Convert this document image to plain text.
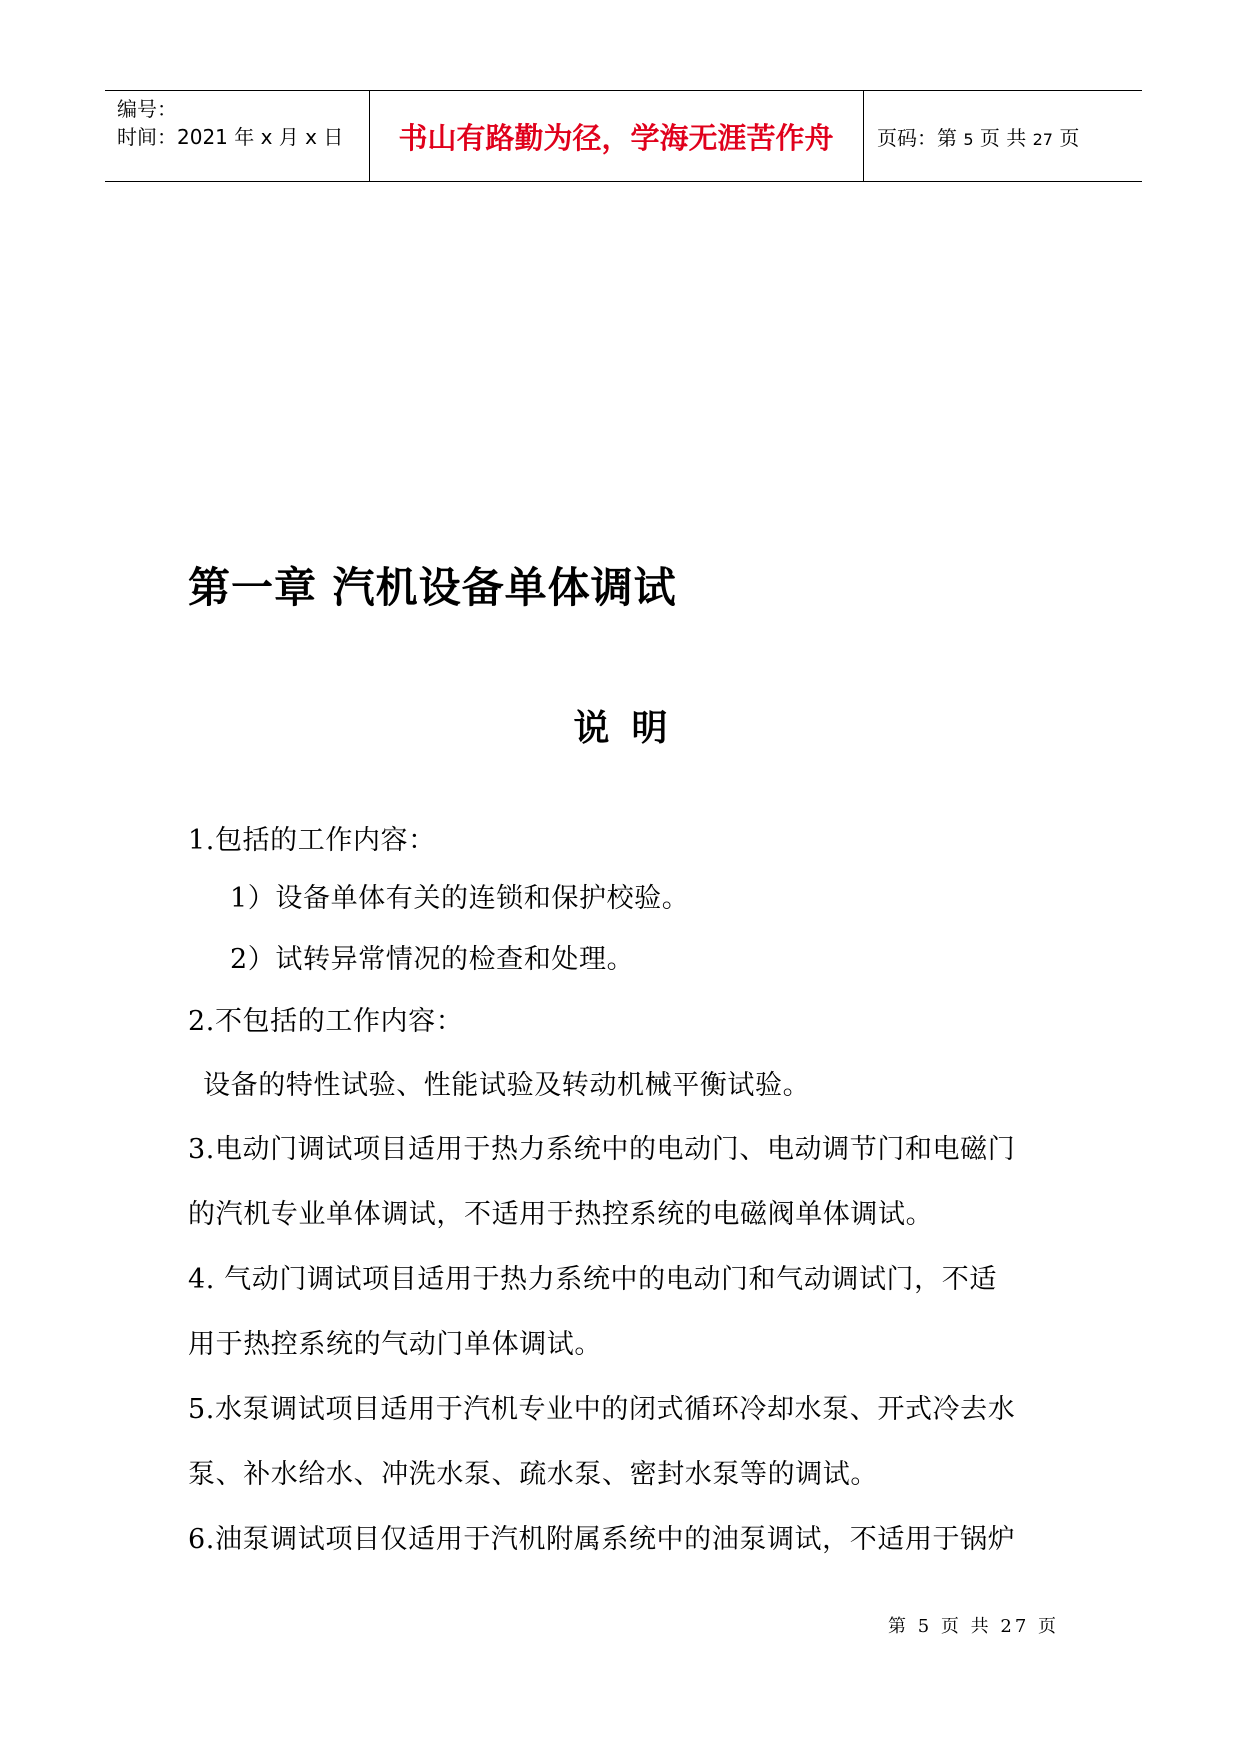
编号：
时间：2021 年 x 月 x 日 书山有路勤为径，学海无涯苦作舟 页码：第 5 页 共 27 页
第一章 汽机设备单体调试
说明
1.包括的工作内容：
1）设备单体有关的连锁和保护校验。
2）试转异常情况的检查和处理。
2.不包括的工作内容：
设备的特性试验、性能试验及转动机械平衡试验。
3.电动门调试项目适用于热力系统中的电动门、电动调节门和电磁门
的汽机专业单体调试，不适用于热控系统的电磁阀单体调试。
4. 气动门调试项目适用于热力系统中的电动门和气动调试门，不适
用于热控系统的气动门单体调试。
5.水泵调试项目适用于汽机专业中的闭式循环冷却水泵、开式冷去水
泵、补水给水、冲洗水泵、疏水泵、密封水泵等的调试。
6.油泵调试项目仅适用于汽机附属系统中的油泵调试，不适用于锅炉
第 5 页 共 27 页
